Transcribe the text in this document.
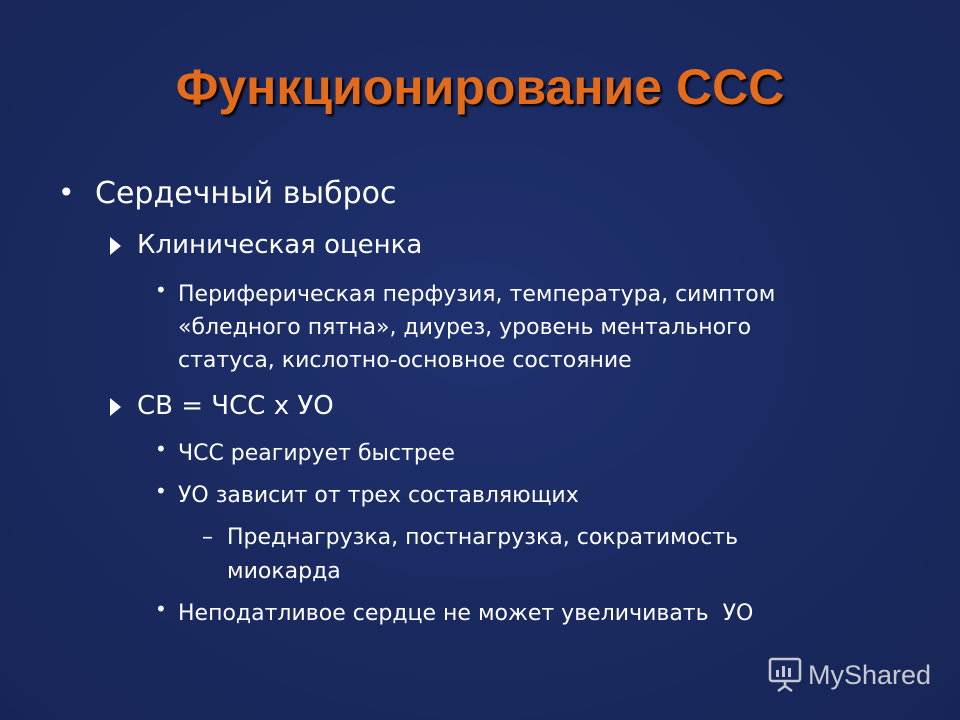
Функционирование ССС
• Сердечный выброс
Клиническая оценка
• Периферическая перфузия, температура, симптом
«бледного пятна», диурез, уровень ментального
статуса, кислотно-основное состояние
СВ = ЧСС х УО
• ЧСС реагирует быстрее
• УО зависит от трех составляющих
– Преднагрузка, постнагрузка, сократимость
миокарда
• Неподатливое сердце не может увеличивать  УО
MyShared
